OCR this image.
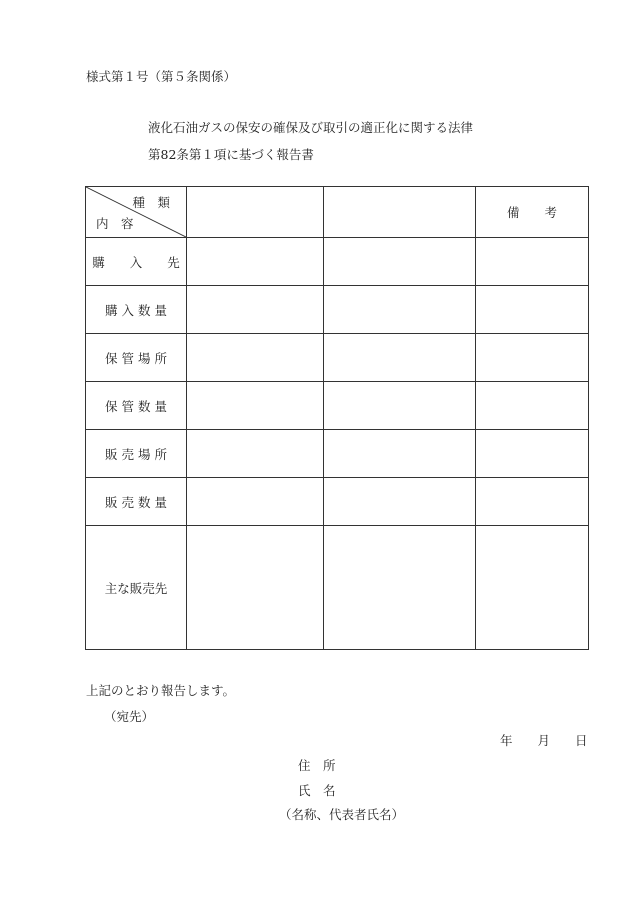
様式第１号（第５条関係）
液化石油ガスの保安の確保及び取引の適正化に関する法律
第82条第１項に基づく報告書
種　類
内　容			備　　考
購　　入　　先			
購 入 数 量			
保 管 場 所			
保 管 数 量			
販 売 場 所			
販 売 数 量			
主な販売先			
上記のとおり報告します。
（宛先）
年　　月　　日
住　所
氏　名
（名称、代表者氏名）
